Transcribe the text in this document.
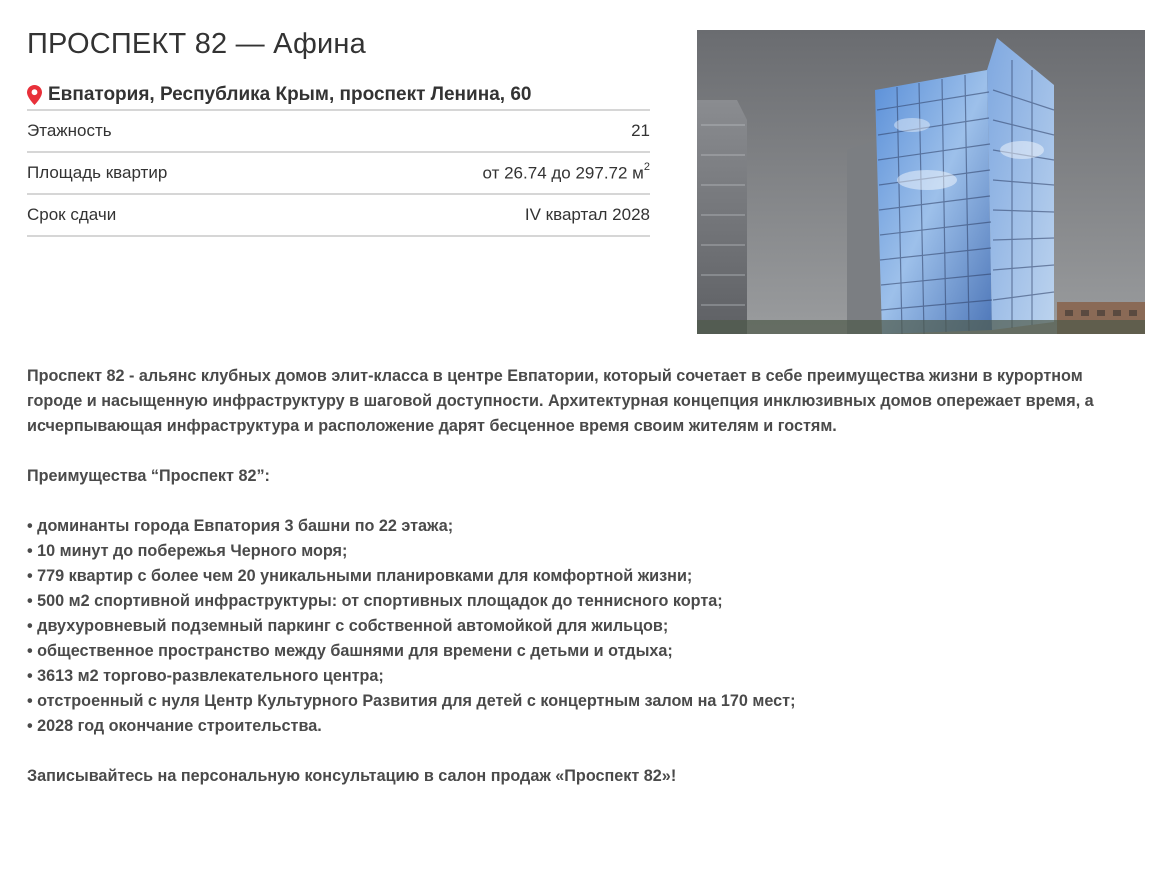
ПРОСПЕКТ 82 — Афина
Евпатория, Республика Крым, проспект Ленина, 60
Этажность	21
Площадь квартир	от 26.74 до 297.72 $м^2$
Срок сдачи	IV квартал 2028

Проспект 82 - альянс клубных домов элит-класса в центре Евпатории, который сочетает в себе преимущества жизни в курортном городе и насыщенную инфраструктуру в шаговой доступности. Архитектурная концепция инклюзивных домов опережает время, а исчерпывающая инфраструктура и расположение дарят бесценное время своим жителям и гостям.

Преимущества “Проспект 82”:

• доминанты города Евпатория 3 башни по 22 этажа;

• 10 минут до побережья Черного моря;

• 779 квартир с более чем 20 уникальными планировками для комфортной жизни;

• 500 м2 спортивной инфраструктуры: от спортивных площадок до теннисного корта;

• двухуровневый подземный паркинг с собственной автомойкой для жильцов;

• общественное пространство между башнями для времени с детьми и отдыха;

• 3613 м2 торгово-развлекательного центра;

• отстроенный с нуля Центр Культурного Развития для детей с концертным залом на 170 мест;

• 2028 год окончание строительства.

Записывайтесь на персональную консультацию в салон продаж «Проспект 82»!
